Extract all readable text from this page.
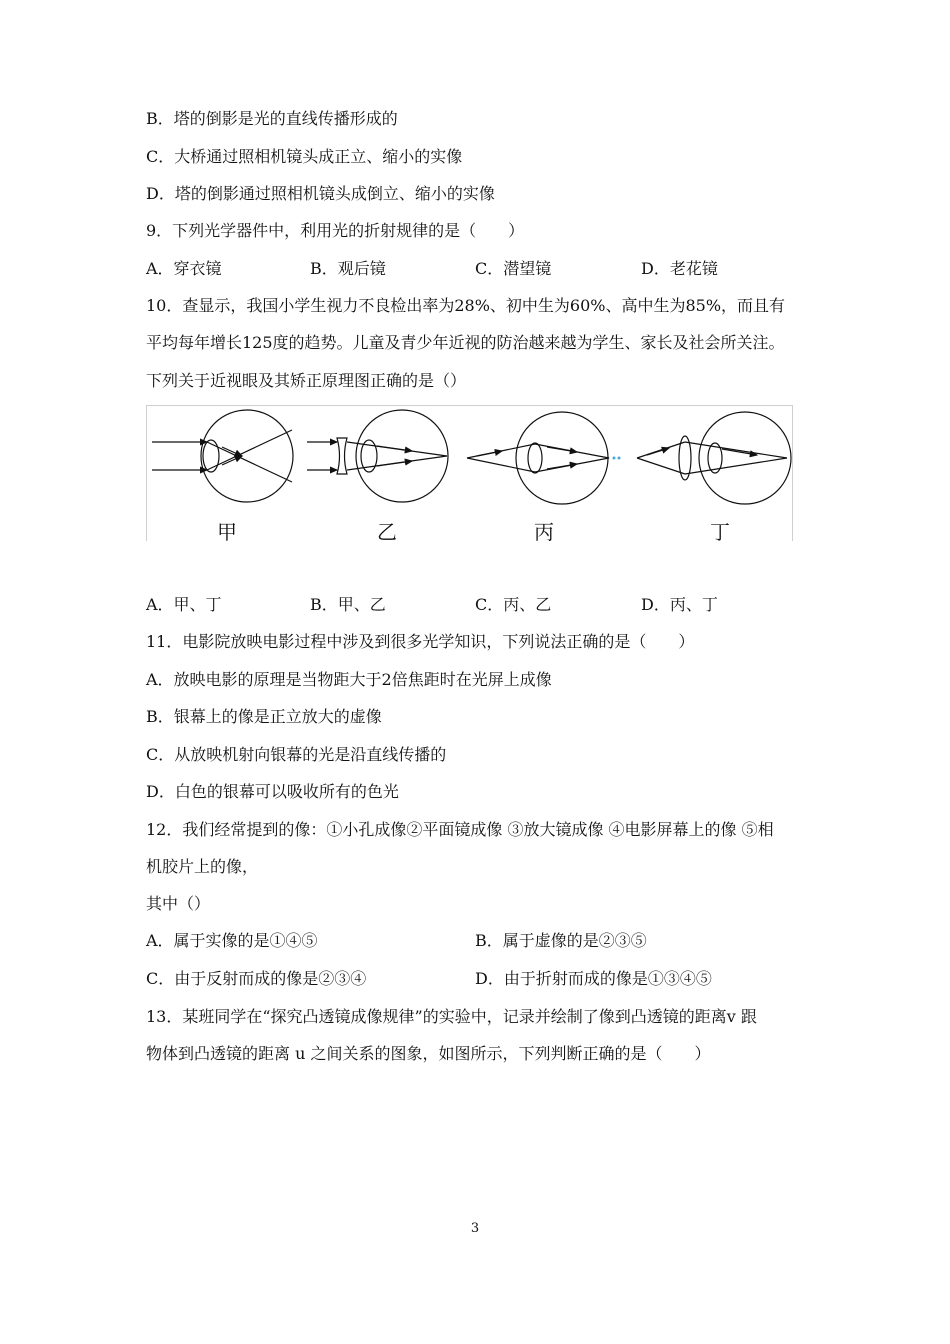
B．塔的倒影是光的直线传播形成的
C．大桥通过照相机镜头成正立、缩小的实像
D．塔的倒影通过照相机镜头成倒立、缩小的实像
9．下列光学器件中，利用光的折射规律的是（　　）
A．穿衣镜	B．观后镜	C．潜望镜	D．老花镜
10．查显示，我国小学生视力不良检出率为28%、初中生为60%、高中生为85%，而且有
平均每年增长125度的趋势。儿童及青少年近视的防治越来越为学生、家长及社会所关注。
下列关于近视眼及其矫正原理图正确的是（）
甲	乙	丙	丁
A．甲、丁	B．甲、乙	C．丙、乙	D．丙、丁
11．电影院放映电影过程中涉及到很多光学知识，下列说法正确的是（　　）
A．放映电影的原理是当物距大于2倍焦距时在光屏上成像
B．银幕上的像是正立放大的虚像
C．从放映机射向银幕的光是沿直线传播的
D．白色的银幕可以吸收所有的色光
12．我们经常提到的像：①小孔成像②平面镜成像 ③放大镜成像 ④电影屏幕上的像 ⑤相
机胶片上的像，
其中（）
A．属于实像的是①④⑤	B．属于虚像的是②③⑤
C．由于反射而成的像是②③④	D．由于折射而成的像是①③④⑤
13．某班同学在“探究凸透镜成像规律”的实验中，记录并绘制了像到凸透镜的距离v 跟
物体到凸透镜的距离 u 之间关系的图象，如图所示，下列判断正确的是（　　）
3
